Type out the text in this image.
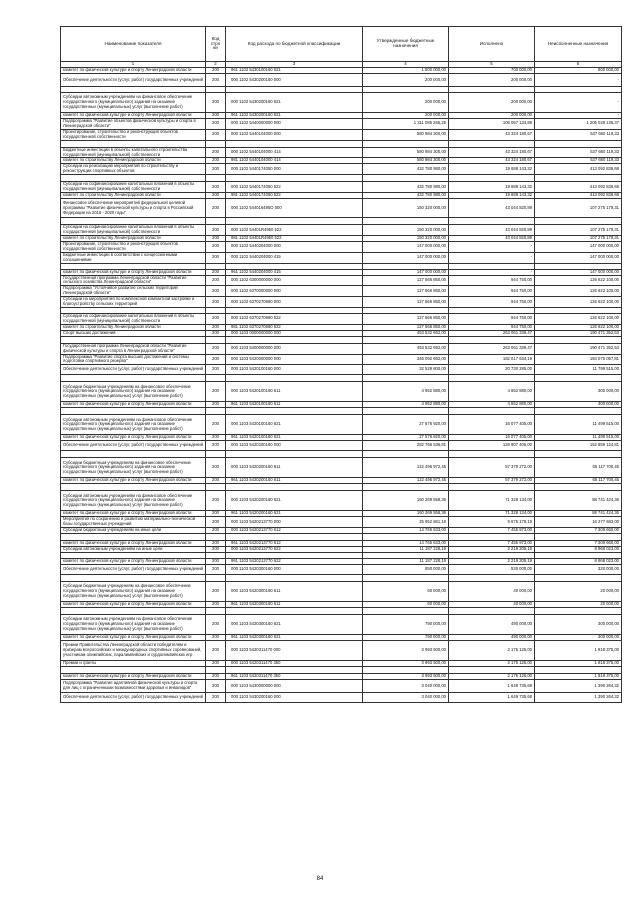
Наименование показателя	Код стро ки	Код расхода по бюджетной классификации	Утвержденные бюджетные назначения	Исполнено	Неисполненные назначения
1	2	3	4	5	6
комитет по физической культуре и спорту Ленинградской области	200	961 1102 5430100160 621	1 500 000,00	700 000,00	800 000,00
Обеспечение деятельности (услуг, работ) государственных учреждений	200	000 1102 5430200160 000	200 000,00	200 000,00	-

Субсидии автономным учреждениям на финансовое обеспечение государственного (муниципального) задания на оказание государственных (муниципальных) услуг (выполнение работ)	200	000 1102 5430200160 621	200 000,00	200 000,00	-
комитет по физической культуре и спорту Ленинградской области	200	961 1102 5430200160 621	200 000,00	200 000,00	-
Подпрограмма "Развитие объектов физической культуры и спорта в Ленинградской области"	200	000 1102 5440000000 000	1 311 085 265,25	106 057 134,88	1 205 028 135,37
Проектирование, строительство и реконструкция объектов государственной собственности	200	000 1102 5440104000 000	580 984 300,00	43 324 180,67	537 660 119,33

Бюджетные инвестиции в объекты капитального строительства государственной (муниципальной) собственности	200	000 1102 5440104000 414	580 984 300,00	43 324 180,67	537 660 119,33
комитет по строительству Ленинградской области	200	981 1102 5440104000 414	580 984 300,00	43 324 180,67	537 660 119,33
Субсидии на реализацию мероприятий по строительству и реконструкции спортивных объектов	200	000 1102 5440174050 000	432 780 980,00	19 688 143,32	413 092 836,68

Субсидии на софинансирование капитальных вложений в объекты государственной (муниципальной) собственности	200	000 1102 5440174050 522	432 780 980,00	19 688 143,32	413 092 836,68
комитет по строительству Ленинградской области	200	981 1102 5440174050 522	432 780 980,00	19 688 143,32	413 092 836,68
Финансовое обеспечение мероприятий федеральной целевой программы "Развитие физической культуры и спорта в Российской Федерации на 2016 - 2020 годы"	200	000 1102 544016495О 000	150 320 000,00	43 044 820,89	107 275 179,31

Субсидии на софинансирование капитальных вложений в объекты государственной (муниципальной) собственности	200	000 1102 54401R4950 522	150 320 000,00	43 044 820,89	107 275 179,31
комитет по строительству Ленинградской области	200	981 1102 54401R4950 522	150 320 000,00	43 044 820,89	107 275 179,31
Проектирование, строительство и реконструкция объектов государственной собственности	200	000 1102 5440204000 000	147 000 000,00	-	147 000 000,00
Бюджетные инвестиции в соответствии с концессионными соглашениями	200	000 1102 5440204000 415	147 000 000,00	-	147 000 000,00

комитет по физической культуре и спорту Ленинградской области	200	961 1102 5440204000 415	147 000 000,00	-	147 000 000,00
Государственная программа Ленинградской области "Развитие сельского хозяйства Ленинградской области"	200	000 1102 6300000000 000	127 566 850,00	944 750,00	126 622 100,00
Подпрограмма "Устойчивое развитие сельских территорий Ленинградской области"	200	000 1102 6370000000 000	127 566 850,00	944 750,00	126 622 100,00
Субсидии на мероприятия по комплексной компактной застройке и благоустройству сельских территорий	200	000 1102 6370270680 000	127 566 850,00	944 750,00	126 622 100,00

Субсидии на софинансирование капитальных вложений в объекты государственной (муниципальной) собственности	200	000 1102 6370270680 522	127 566 850,00	944 750,00	126 622 100,00
комитет по строительству Ленинградской области	200	981 1102 6370270680 522	127 566 850,00	944 750,00	126 622 100,00
Спорт высших достижений	200	000 1103 0000000000 000	453 532 692,00	263 061 339,47	190 471 352,53

Государственная программа Ленинградской области "Развитие физической культуры и спорта в Ленинградской области"	200	000 1103 5400000000 000	453 532 692,00	263 061 339,47	190 471 352,53
Подпрограмма "Развитие спорта высших достижений и системы подготовки спортивного резерва"	200	000 1103 5420000000 000	346 092 692,00	162 017 634,19	184 075 057,81
Обеспечение деятельности (услуг, работ) государственных учреждений	200	000 1103 5420100160 000	32 529 800,00	20 730 285,00	11 799 515,00

Субсидии бюджетным учреждениям на финансовое обеспечение государственного (муниципального) задания на оказание государственных (муниципальных) услуг (выполнение работ)	200	000 1103 5420100160 611	4 952 880,00	4 652 880,00	300 000,00
комитет по физической культуре и спорту Ленинградской области	200	961 1103 5420100160 611	4 952 880,00	4 652 880,00	300 000,00

Субсидии автономным учреждениям на финансовое обеспечение государственного (муниципального) задания на оказание государственных (муниципальных) услуг (выполнение работ)	200	000 1103 5420100160 621	27 576 920,00	16 077 405,00	11 499 515,00
комитет по физической культуре и спорту Ленинградской области	200	961 1103 5420100160 621	27 576 920,00	16 077 405,00	11 499 515,00
Обеспечение деятельности (услуг, работ) государственных учреждений	200	000 1103 5420200160 000	282 766 536,81	129 907 406,00	152 859 124,81

Субсидии бюджетным учреждениям на финансовое обеспечение государственного (муниципального) задания на оказание государственных (муниципальных) услуг (выполнение работ)	200	000 1103 5420200160 611	122 496 972,45	57 379 272,00	65 117 700,45
комитет по физической культуре и спорту Ленинградской области	200	961 1103 5420200160 611	122 496 972,45	57 379 272,00	65 117 700,45

Субсидии автономным учреждениям на финансовое обеспечение государственного (муниципального) задания на оказание государственных (муниципальных) услуг (выполнение работ)	200	000 1103 5420200160 621	160 269 558,36	71 328 134,00	88 741 424,36
комитет по физической культуре и спорту Ленинградской области	200	961 1103 5420200160 621	160 269 558,36	71 328 134,00	88 741 424,36
Мероприятия по сохранению и развитию материально-технической базы государственных учреждений	200	000 1103 5420213770 000	25 952 861,19	9 675 178,19	16 277 683,00
Субсидии бюджетным учреждениям на иные цели	200	000 1103 5420213770 612	14 765 633,00	7 455 973,00	7 309 660,00

комитет по физической культуре и спорту Ленинградской области	200	961 1103 5420213770 612	14 765 633,00	7 455 973,00	7 309 660,00
Субсидии автономным учреждениям на иные цели	200	000 1103 5420213770 622	11 187 228,19	2 219 205,19	8 968 023,00

комитет по физической культуре и спорту Ленинградской области	200	961 1103 5420213770 622	11 187 228,19	2 219 205,19	8 968 023,00
Обеспечение деятельности (услуг, работ) государственных учреждений	200	000 1103 5420300160 000	850 000,00	530 000,00	320 000,00

Субсидии бюджетным учреждениям на финансовое обеспечение государственного (муниципального) задания на оказание государственных (муниципальных) услуг (выполнение работ)	200	000 1103 5420300160 611	60 000,00	40 000,00	20 000,00
комитет по физической культуре и спорту Ленинградской области	200	961 1103 5420300160 611	60 000,00	40 000,00	20 000,00

Субсидии автономным учреждениям на финансовое обеспечение государственного (муниципального) задания на оказание государственных (муниципальных) услуг (выполнение работ)	200	000 1103 5420300160 621	790 000,00	490 000,00	300 000,00
комитет по физической культуре и спорту Ленинградской области	200	961 1103 5420300160 621	790 000,00	490 000,00	300 000,00
Премии Правительства Ленинградской области победителям и призерам всероссийских и международных спортивных соревнований, участникам олимпийских, паралимпийских и сурдолимпийских игр	200	000 1103 5420311470 000	3 993 500,00	2 175 125,00	1 818 375,00
Премии и гранты	200	000 1103 5420311470 350	3 993 500,00	2 175 125,00	1 818 375,00

комитет по физической культуре и спорту Ленинградской области	200	961 1103 5420311470 350	3 993 500,00	2 175 125,00	1 818 375,00
Подпрограмма "Развитие адаптивной физической культуры и спорта для лиц с ограниченными возможностями здоровья и инвалидов"	200	000 1103 5430000000 000	3 040 000,00	1 649 735,68	1 390 264,32
Обеспечение деятельности (услуг, работ) государственных учреждений	200	000 1103 5430200160 000	3 040 000,00	1 649 735,68	1 390 264,32
84
